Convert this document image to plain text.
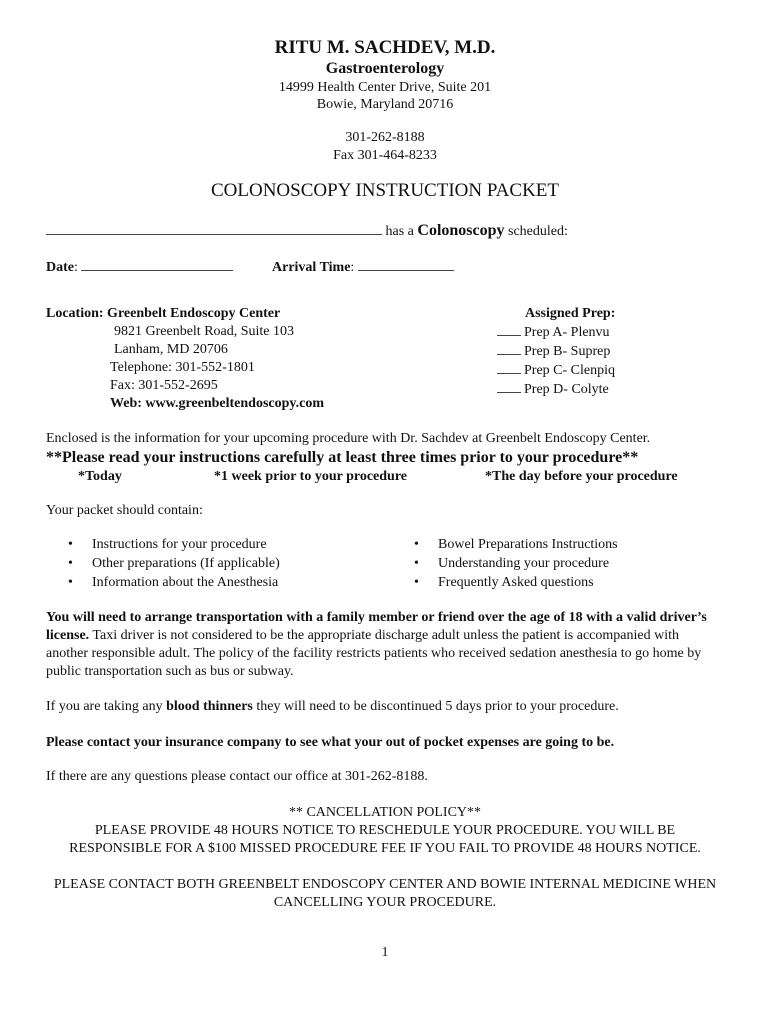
RITU M. SACHDEV, M.D.
Gastroenterology
14999 Health Center Drive, Suite 201
Bowie, Maryland 20716
301-262-8188
Fax 301-464-8233
COLONOSCOPY INSTRUCTION PACKET
has a Colonoscopy scheduled:
Date:	Arrival Time:
Location: Greenbelt Endoscopy Center
9821 Greenbelt Road, Suite 103
Lanham, MD 20706
Telephone: 301-552-1801
Fax: 301-552-2695
Web: www.greenbeltendoscopy.com
Assigned Prep:
Prep A- Plenvu
Prep B- Suprep
Prep C- Clenpiq
Prep D- Colyte
Enclosed is the information for your upcoming procedure with Dr. Sachdev at Greenbelt Endoscopy Center.
**Please read your instructions carefully at least three times prior to your procedure**
*Today	*1 week prior to your procedure	*The day before your procedure
Your packet should contain:
• Instructions for your procedure
• Other preparations (If applicable)
• Information about the Anesthesia
• Bowel Preparations Instructions
• Understanding your procedure
• Frequently Asked questions
You will need to arrange transportation with a family member or friend over the age of 18 with a valid driver’s license. Taxi driver is not considered to be the appropriate discharge adult unless the patient is accompanied with another responsible adult. The policy of the facility restricts patients who received sedation anesthesia to go home by public transportation such as bus or subway.
If you are taking any blood thinners they will need to be discontinued 5 days prior to your procedure.
Please contact your insurance company to see what your out of pocket expenses are going to be.
If there are any questions please contact our office at 301-262-8188.
** CANCELLATION POLICY**
PLEASE PROVIDE 48 HOURS NOTICE TO RESCHEDULE YOUR PROCEDURE. YOU WILL BE RESPONSIBLE FOR A $100 MISSED PROCEDURE FEE IF YOU FAIL TO PROVIDE 48 HOURS NOTICE.
PLEASE CONTACT BOTH GREENBELT ENDOSCOPY CENTER AND BOWIE INTERNAL MEDICINE WHEN CANCELLING YOUR PROCEDURE.
1
